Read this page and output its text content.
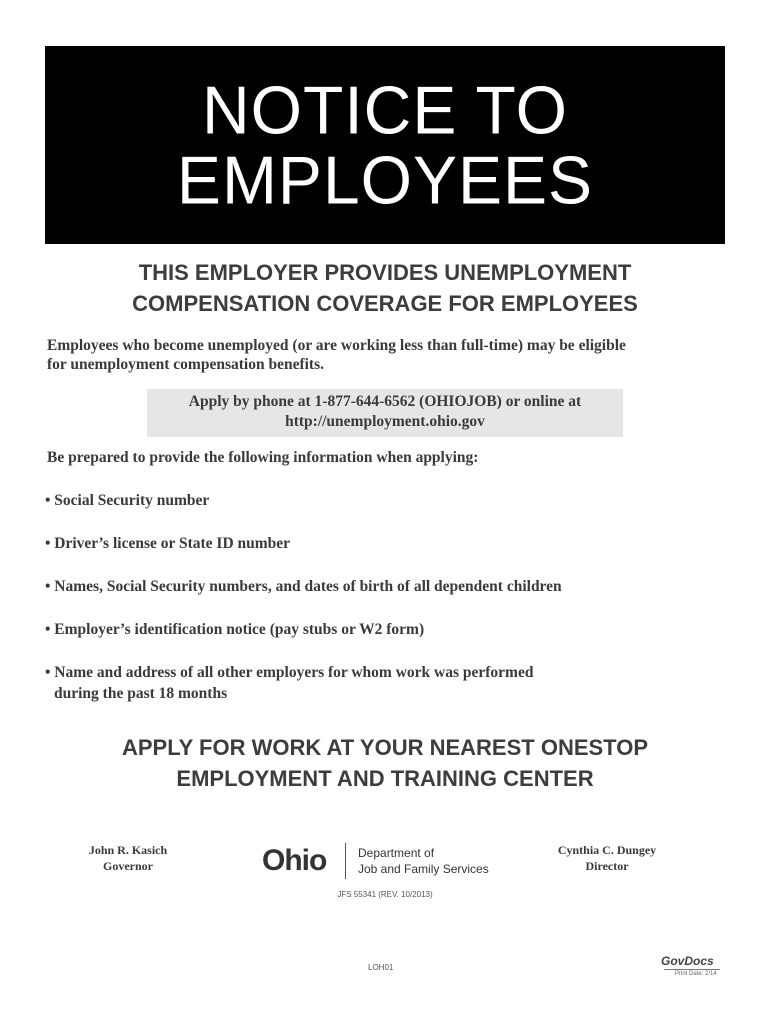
NOTICE TO
EMPLOYEES
THIS EMPLOYER PROVIDES UNEMPLOYMENT
COMPENSATION COVERAGE FOR EMPLOYEES
Employees who become unemployed (or are working less than full-time) may be eligible
for unemployment compensation benefits.
Apply by phone at 1-877-644-6562 (OHIOJOB) or online at
http://unemployment.ohio.gov
Be prepared to provide the following information when applying:
• Social Security number
• Driver’s license or State ID number
• Names, Social Security numbers, and dates of birth of all dependent children
• Employer’s identification notice (pay stubs or W2 form)
• Name and address of all other employers for whom work was performed
during the past 18 months
APPLY FOR WORK AT YOUR NEAREST ONESTOP
EMPLOYMENT AND TRAINING CENTER
John R. Kasich
Governor	Ohio	Department of
Job and Family Services
Cynthia C. Dungey
Director
JFS 55341 (REV. 10/2013)
LOH01	GovDocs
Print Date: 2/14
